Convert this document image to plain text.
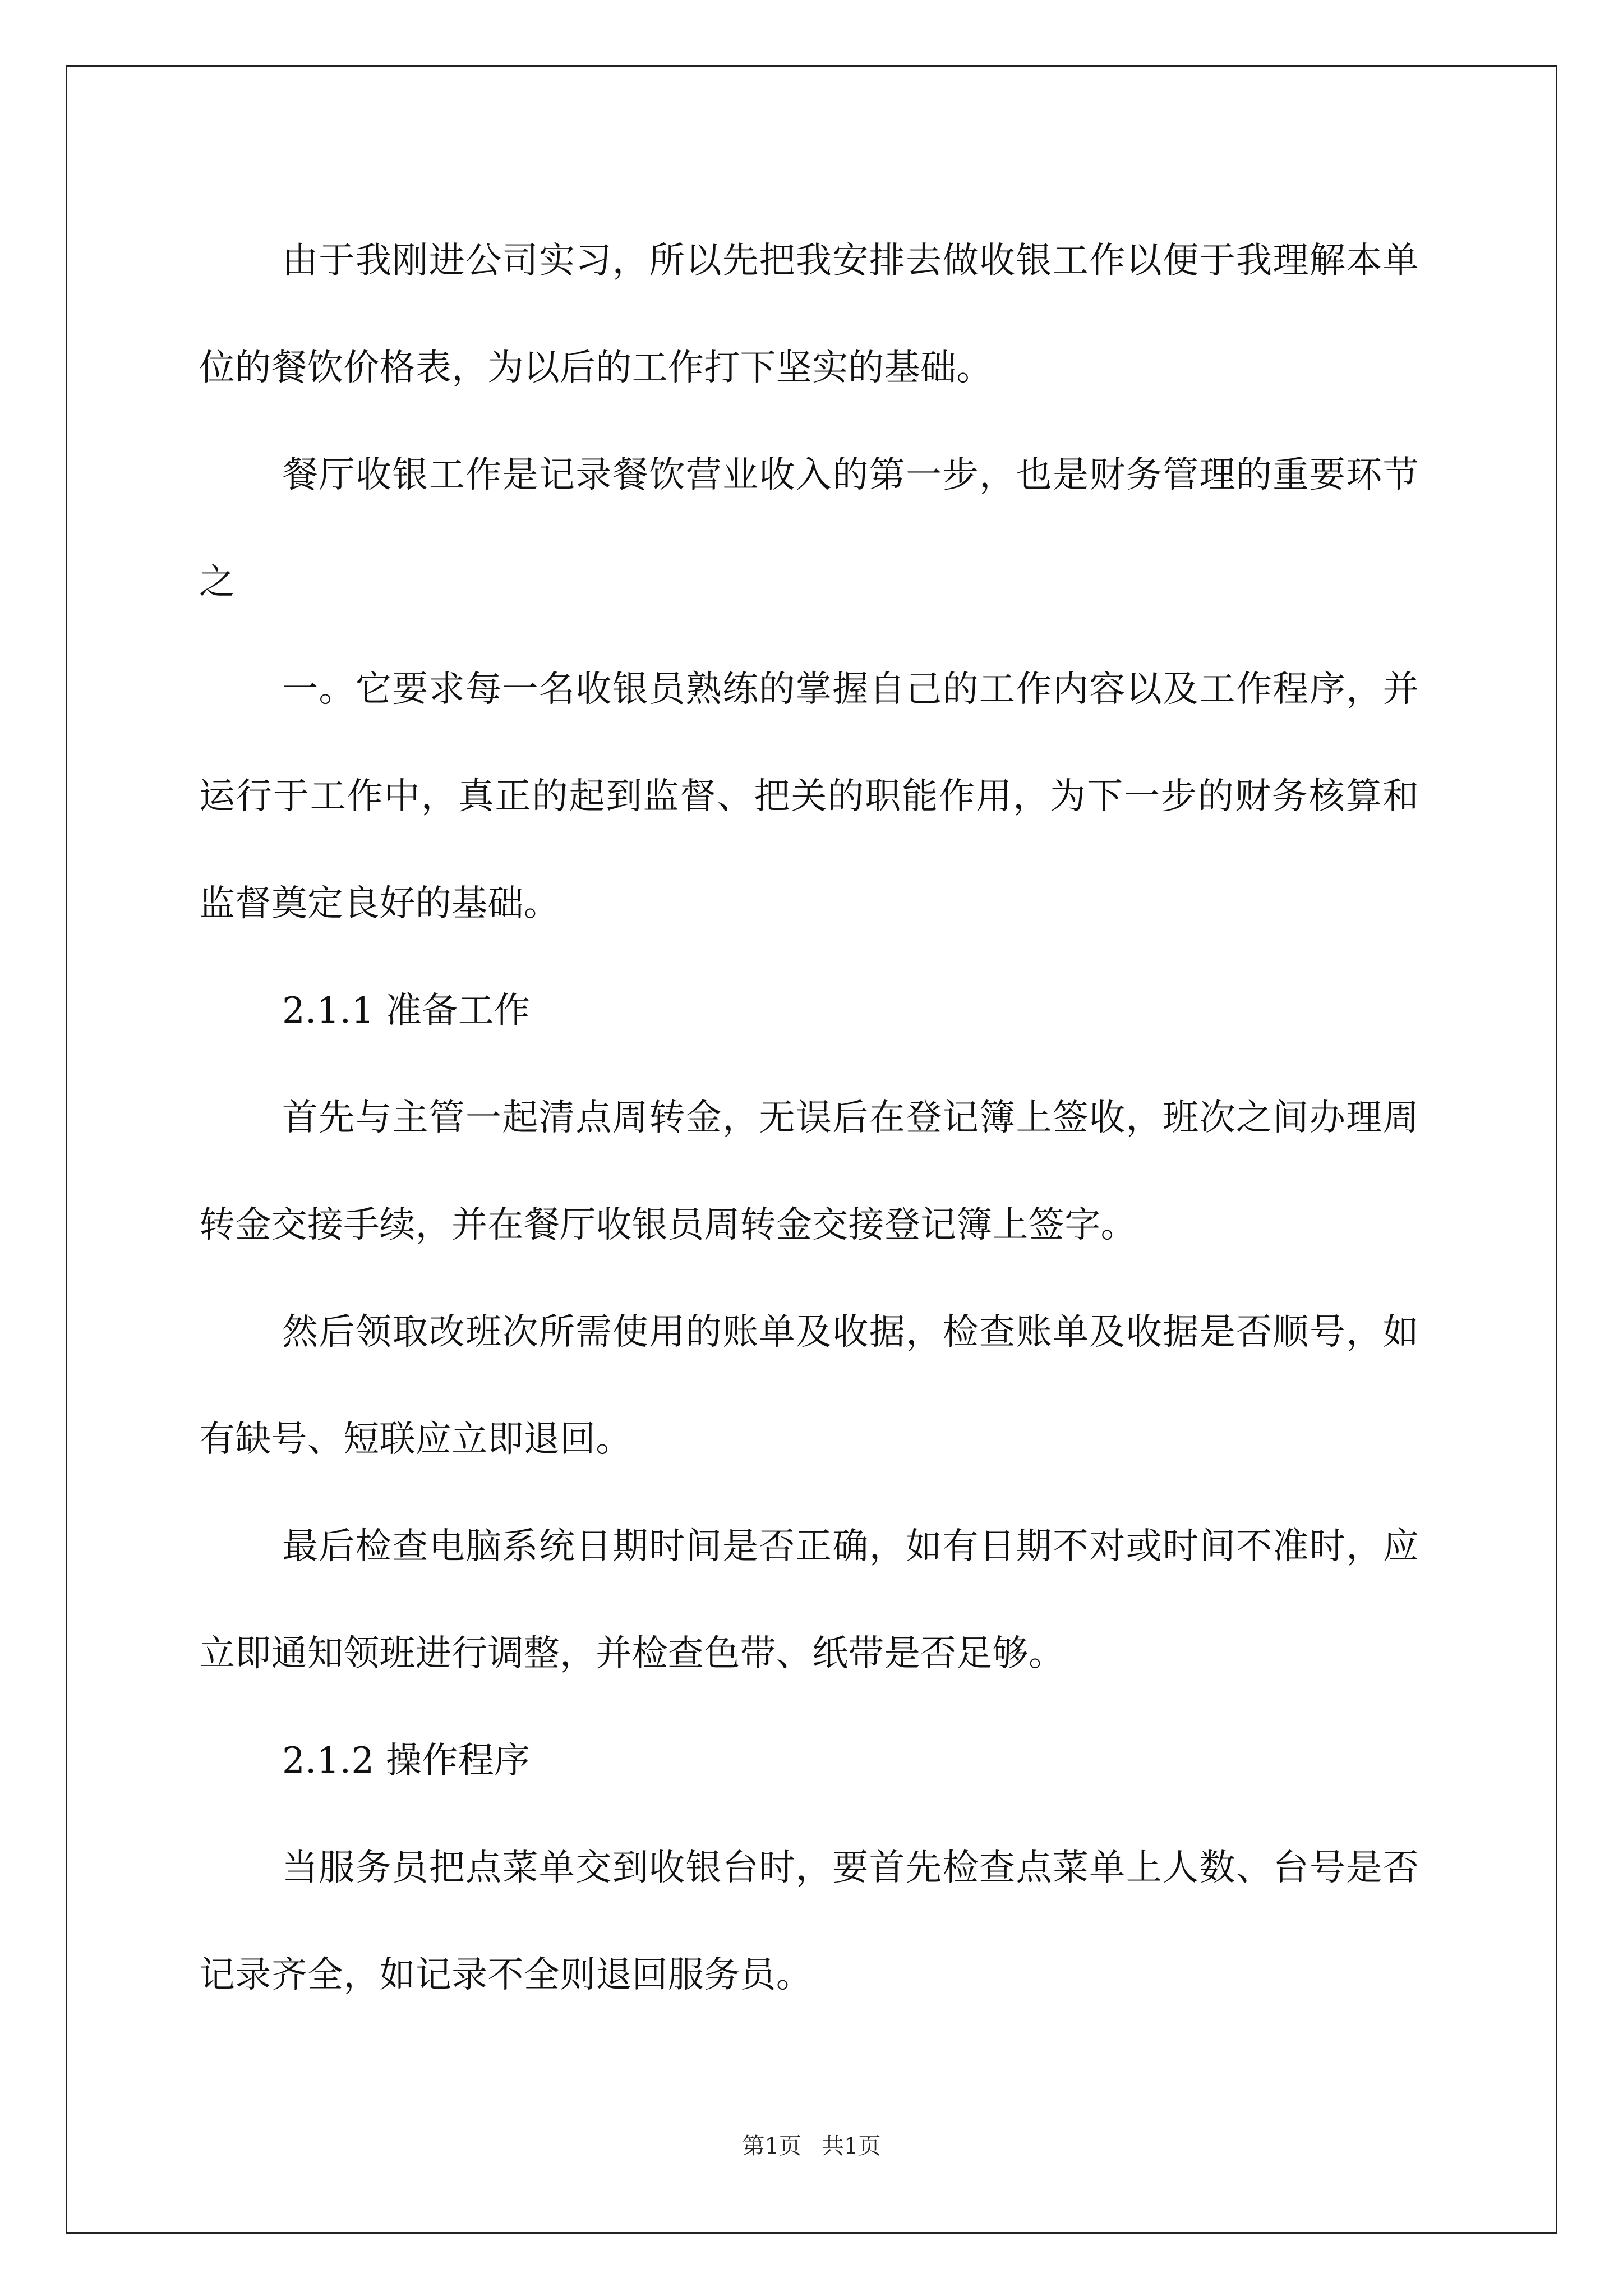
由于我刚进公司实习，所以先把我安排去做收银工作以便于我理解本单位的餐饮价格表，为以后的工作打下坚实的基础。

餐厅收银工作是记录餐饮营业收入的第一步，也是财务管理的重要环节之

一。它要求每一名收银员熟练的掌握自己的工作内容以及工作程序，并运行于工作中，真正的起到监督、把关的职能作用，为下一步的财务核算和监督奠定良好的基础。

2.1.1 准备工作

首先与主管一起清点周转金，无误后在登记簿上签收，班次之间办理周转金交接手续，并在餐厅收银员周转金交接登记簿上签字。

然后领取改班次所需使用的账单及收据，检查账单及收据是否顺号，如有缺号、短联应立即退回。

最后检查电脑系统日期时间是否正确，如有日期不对或时间不准时，应立即通知领班进行调整，并检查色带、纸带是否足够。

2.1.2 操作程序

当服务员把点菜单交到收银台时，要首先检查点菜单上人数、台号是否记录齐全，如记录不全则退回服务员。

第1页 共1页
